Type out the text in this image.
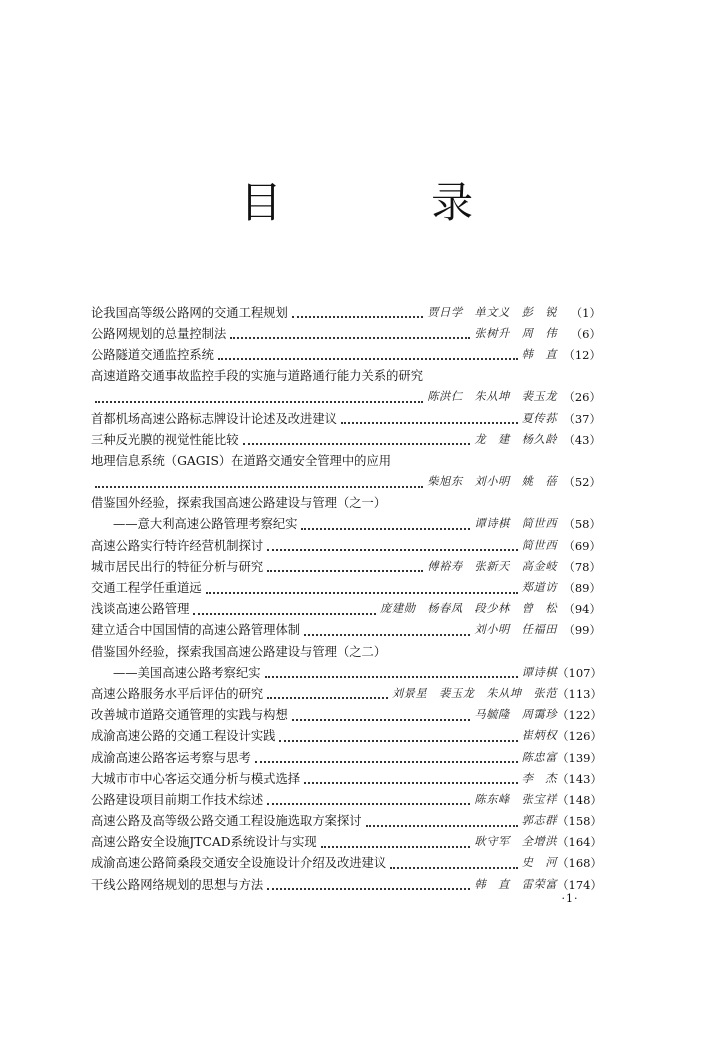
目 录
论我国高等级公路网的交通工程规划	贾日学　单文义　彭　锐	（1）
公路网规划的总量控制法	张树升　周　伟	（6）
公路隧道交通监控系统	韩　直 （12）
高速道路交通事故监控手段的实施与道路通行能力关系的研究
陈洪仁　朱从坤　裴玉龙 （26）
首都机场高速公路标志牌设计论述及改进建议	夏传荪 （37）
三种反光膜的视觉性能比较	龙　建　杨久龄 （43）
地理信息系统（GAGIS）在道路交通安全管理中的应用
柴旭东　刘小明　姚　蓓 （52）
借鉴国外经验，探索我国高速公路建设与管理（之一）
——意大利高速公路管理考察纪实	谭诗棋　简世西 （58）
高速公路实行特许经营机制探讨	简世西 （69）
城市居民出行的特征分析与研究	傅裕寿　张新天　高金岐 （78）
交通工程学任重道远	郑道访 （89）
浅谈高速公路管理	庞建勋　杨春凤　段少林　曾　松 （94）
建立适合中国国情的高速公路管理体制	刘小明　任福田 （99）
借鉴国外经验，探索我国高速公路建设与管理（之二）
——美国高速公路考察纪实	谭诗棋 （107）
高速公路服务水平后评估的研究	刘景星　裴玉龙　朱从坤　张范 （113）
改善城市道路交通管理的实践与构想	马毓隆　周霭珍 （122）
成渝高速公路的交通工程设计实践	崔炳权 （126）
成渝高速公路客运考察与思考	陈忠富 （139）
大城市市中心客运交通分析与模式选择	李　杰 （143）
公路建设项目前期工作技术综述	陈东峰　张宝祥 （148）
高速公路及高等级公路交通工程设施选取方案探讨	郭志群 （158）
高速公路安全设施JTCAD系统设计与实现	耿守军　全增洪 （164）
成渝高速公路简桑段交通安全设施设计介绍及改进建议	史　河 （168）
干线公路网络规划的思想与方法	韩　直　雷荣富 （174）
·1·
